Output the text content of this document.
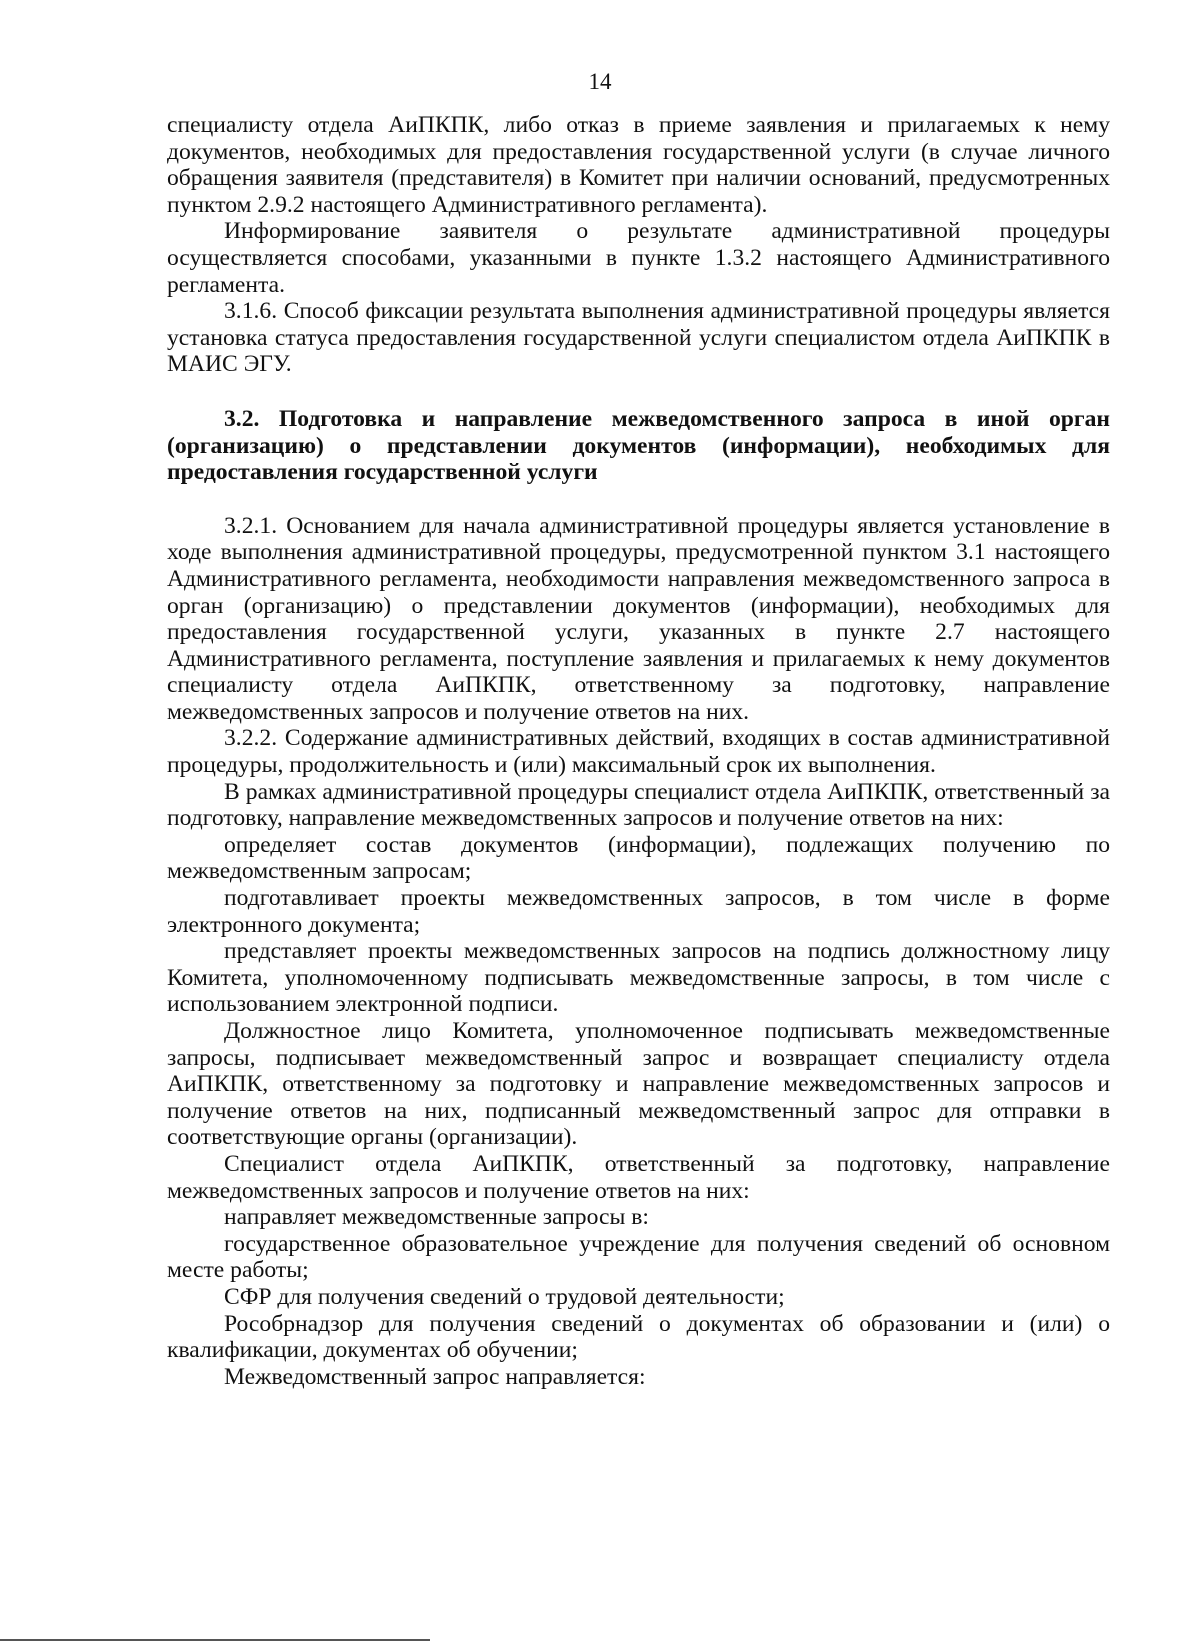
14

специалисту отдела АиПКПК, либо отказ в приеме заявления и прилагаемых к нему документов, необходимых для предоставления государственной услуги (в случае личного обращения заявителя (представителя) в Комитет при наличии оснований, предусмотренных пунктом 2.9.2 настоящего Административного регламента).

Информирование заявителя о результате административной процедуры осуществляется способами, указанными в пункте 1.3.2 настоящего Административного регламента.

3.1.6. Способ фиксации результата выполнения административной процедуры является установка статуса предоставления государственной услуги специалистом отдела АиПКПК в МАИС ЭГУ.

3.2. Подготовка и направление межведомственного запроса в иной орган (организацию) о представлении документов (информации), необходимых для предоставления государственной услуги

3.2.1. Основанием для начала административной процедуры является установление в ходе выполнения административной процедуры, предусмотренной пунктом 3.1 настоящего Административного регламента, необходимости направления межведомственного запроса в орган (организацию) о представлении документов (информации), необходимых для предоставления государственной услуги, указанных в пункте 2.7 настоящего Административного регламента, поступление заявления и прилагаемых к нему документов специалисту отдела АиПКПК, ответственному за подготовку, направление межведомственных запросов и получение ответов на них.

3.2.2. Содержание административных действий, входящих в состав административной процедуры, продолжительность и (или) максимальный срок их выполнения.

В рамках административной процедуры специалист отдела АиПКПК, ответственный за подготовку, направление межведомственных запросов и получение ответов на них:

определяет состав документов (информации), подлежащих получению по межведомственным запросам;

подготавливает проекты межведомственных запросов, в том числе в форме электронного документа;

представляет проекты межведомственных запросов на подпись должностному лицу Комитета, уполномоченному подписывать межведомственные запросы, в том числе с использованием электронной подписи.

Должностное лицо Комитета, уполномоченное подписывать межведомственные запросы, подписывает межведомственный запрос и возвращает специалисту отдела АиПКПК, ответственному за подготовку и направление межведомственных запросов и получение ответов на них, подписанный межведомственный запрос для отправки в соответствующие органы (организации).

Специалист отдела АиПКПК, ответственный за подготовку, направление межведомственных запросов и получение ответов на них:

направляет межведомственные запросы в:

государственное образовательное учреждение для получения сведений об основном месте работы;

СФР для получения сведений о трудовой деятельности;

Рособрнадзор для получения сведений о документах об образовании и (или) о квалификации, документах об обучении;

Межведомственный запрос направляется:
